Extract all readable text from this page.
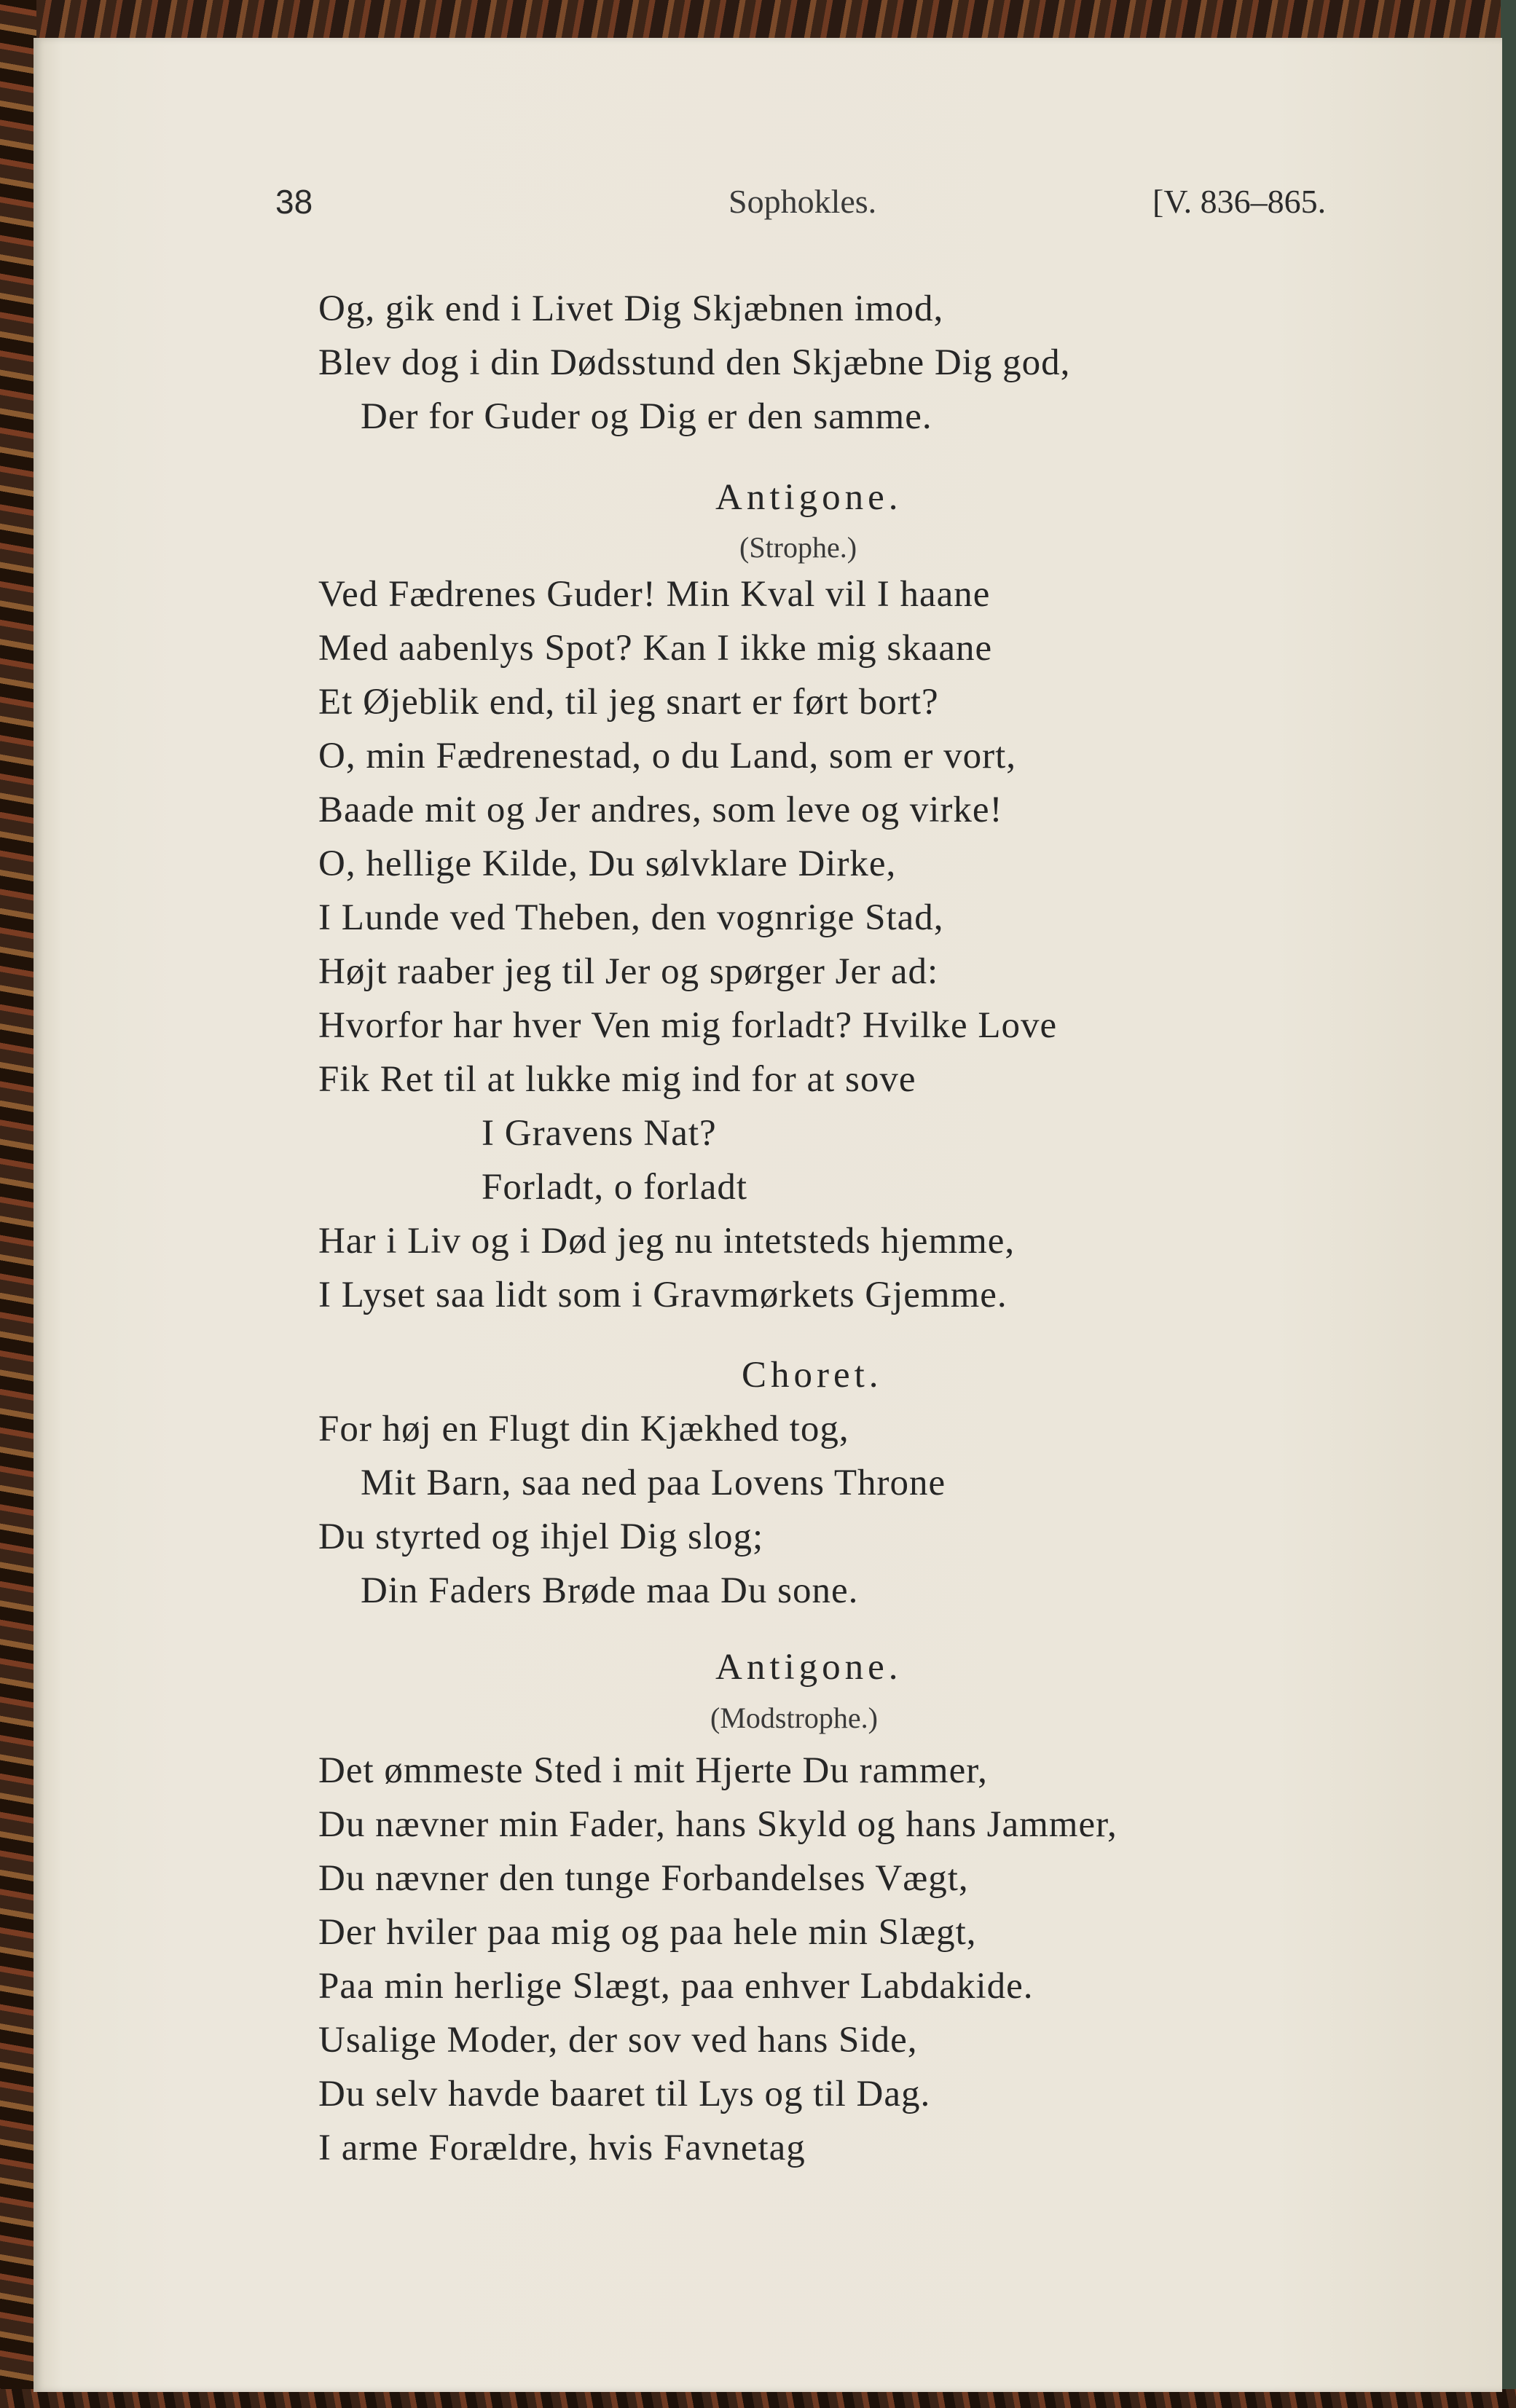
38	Sophokles.	[V. 836–865.
Og, gik end i Livet Dig Skjæbnen imod,
Blev dog i din Dødsstund den Skjæbne Dig god,
Der for Guder og Dig er den samme.
Antigone.
(Strophe.)
Ved Fædrenes Guder! Min Kval vil I haane
Med aabenlys Spot? Kan I ikke mig skaane
Et Øjeblik end, til jeg snart er ført bort?
O, min Fædrenestad, o du Land, som er vort,
Baade mit og Jer andres, som leve og virke!
O, hellige Kilde, Du sølvklare Dirke,
I Lunde ved Theben, den vognrige Stad,
Højt raaber jeg til Jer og spørger Jer ad:
Hvorfor har hver Ven mig forladt? Hvilke Love
Fik Ret til at lukke mig ind for at sove
I Gravens Nat?
Forladt, o forladt
Har i Liv og i Død jeg nu intetsteds hjemme,
I Lyset saa lidt som i Gravmørkets Gjemme.
Choret.
For høj en Flugt din Kjækhed tog,
Mit Barn, saa ned paa Lovens Throne
Du styrted og ihjel Dig slog;
Din Faders Brøde maa Du sone.
Antigone.
(Modstrophe.)
Det ømmeste Sted i mit Hjerte Du rammer,
Du nævner min Fader, hans Skyld og hans Jammer,
Du nævner den tunge Forbandelses Vægt,
Der hviler paa mig og paa hele min Slægt,
Paa min herlige Slægt, paa enhver Labdakide.
Usalige Moder, der sov ved hans Side,
Du selv havde baaret til Lys og til Dag.
I arme Forældre, hvis Favnetag
